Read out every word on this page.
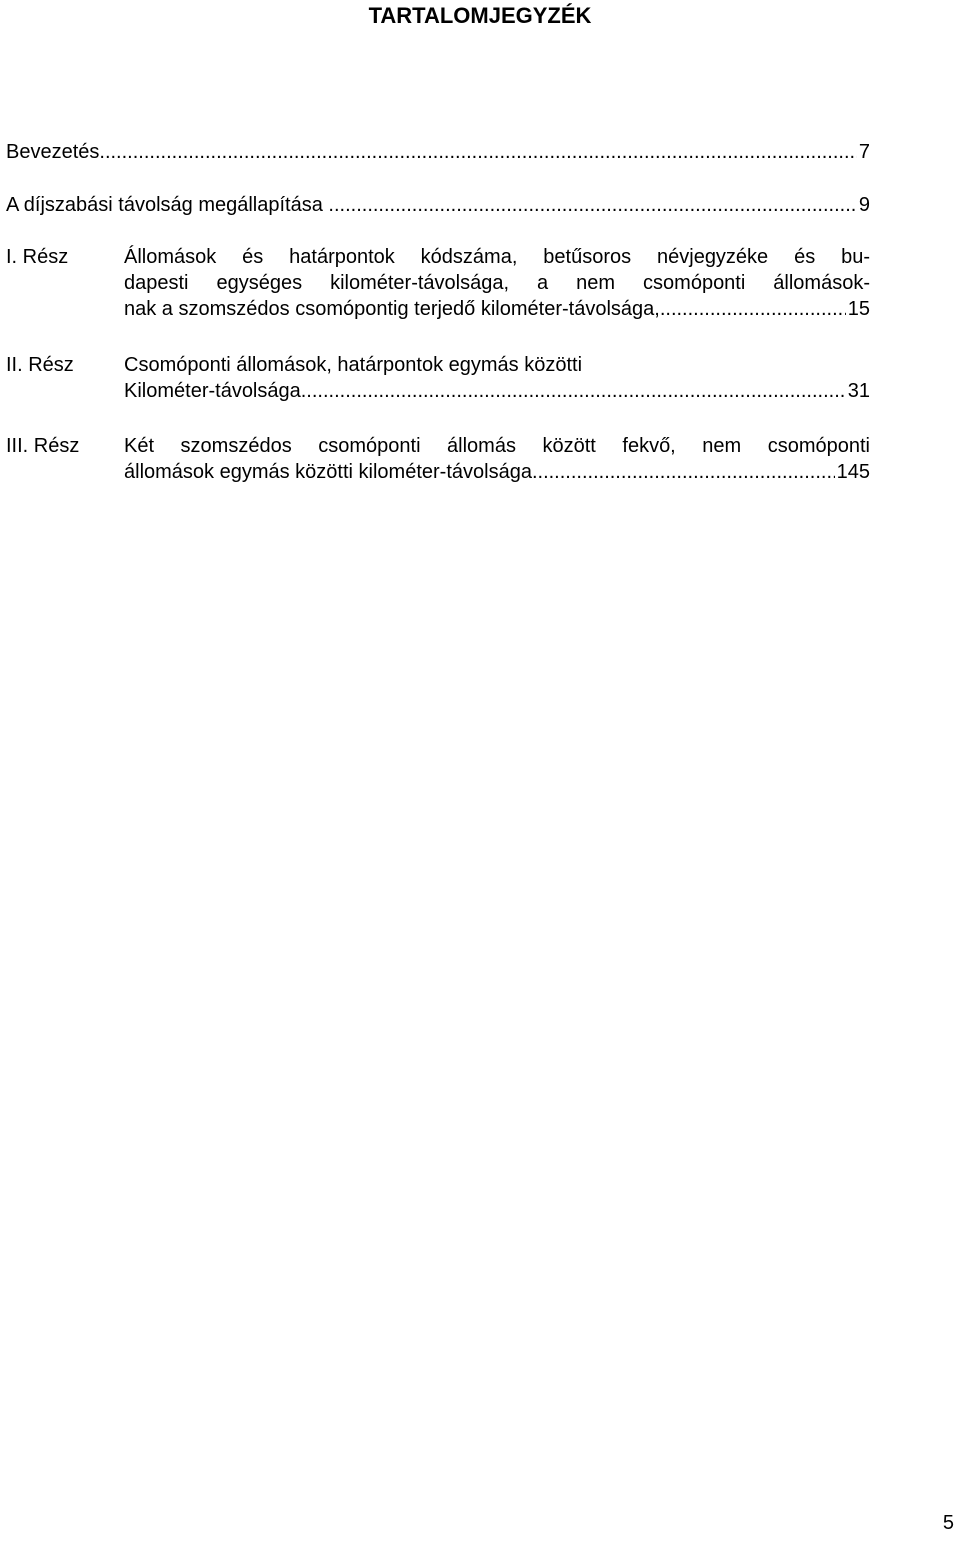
TARTALOMJEGYZÉK
Bevezetés .....	7
A díjszabási távolság megállapítása .....	9
I. Rész	Állomások és határpontok kódszáma, betűsoros névjegyzéke és bu-
dapesti egységes kilométer-távolsága, a nem csomóponti állomások-
nak a szomszédos csomópontig terjedő kilométer-távolsága, .....	15
II. Rész	Csomóponti állomások, határpontok egymás közötti
Kilométer-távolsága .....	31
III. Rész Két szomszédos csomóponti állomás között fekvő, nem csomóponti
állomások egymás közötti kilométer-távolsága .....	145
5
